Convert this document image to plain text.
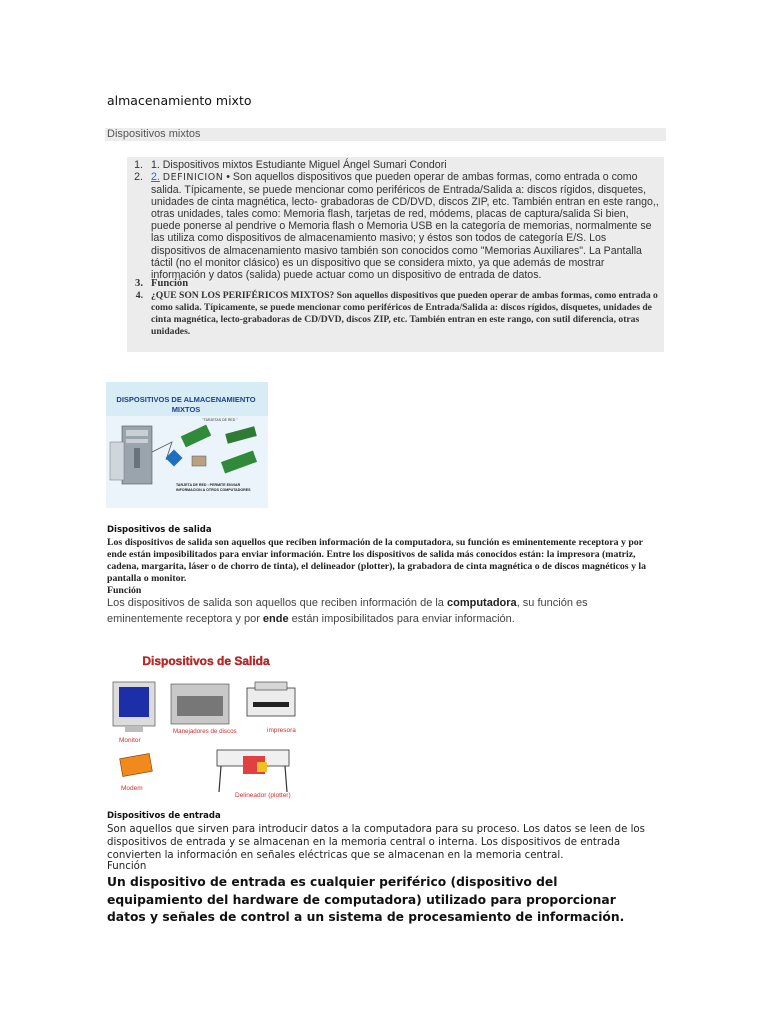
almacenamiento mixto
Dispositivos mixtos
1. 1. Dispositivos mixtos Estudiante Miguel Ángel Sumari Condori
2. 2. DEFINICION • Son aquellos dispositivos que pueden operar de ambas formas, como entrada o como salida. Típicamente, se puede mencionar como periféricos de Entrada/Salida a: discos rígidos, disquetes, unidades de cinta magnética, lecto- grabadoras de CD/DVD, discos ZIP, etc. También entran en este rango,, otras unidades, tales como: Memoria flash, tarjetas de red, módems, placas de captura/salida Si bien, puede ponerse al pendrive o Memoria flash o Memoria USB en la categoría de memorias, normalmente se las utiliza como dispositivos de almacenamiento masivo; y éstos son todos de categoría E/S. Los dispositivos de almacenamiento masivo también son conocidos como "Memorias Auxiliares". La Pantalla táctil (no el monitor clásico) es un dispositivo que se considera mixto, ya que además de mostrar información y datos (salida) puede actuar como un dispositivo de entrada de datos.
3. Función
4. ¿QUE SON LOS PERIFÉRICOS MIXTOS? Son aquellos dispositivos que pueden operar de ambas formas, como entrada o como salida. Típicamente, se puede mencionar como periféricos de Entrada/Salida a: discos rígidos, disquetes, unidades de cinta magnética, lecto-grabadoras de CD/DVD, discos ZIP, etc. También entran en este rango, con sutil diferencia, otras unidades.
DISPOSITIVOS DE ALMACENAMIENTO
MIXTOS
"TARJETAS DE RED "
TARJETA DE RED : PERMITE ENVIAR
INFORMACION A OTROS COMPUTADORES
Dispositivos de salida
Los dispositivos de salida son aquellos que reciben información de la computadora, su función es eminentemente receptora y por ende están imposibilitados para enviar información. Entre los dispositivos de salida más conocidos están: la impresora (matriz, cadena, margarita, láser o de chorro de tinta), el delineador (plotter), la grabadora de cinta magnética o de discos magnéticos y la pantalla o monitor.
Función
Los dispositivos de salida son aquellos que reciben información de la computadora, su función es eminentemente receptora y por ende están imposibilitados para enviar información.
Dispositivos de Salida
Monitor
Manejadores de discos	impresora
Modem
Delineador (plotter)
Dispositivos de entrada
Son aquellos que sirven para introducir datos a la computadora para su proceso. Los datos se leen de los dispositivos de entrada y se almacenan en la memoria central o interna. Los dispositivos de entrada convierten la información en señales eléctricas que se almacenan en la memoria central.
Función
Un dispositivo de entrada es cualquier periférico (dispositivo del equipamiento del hardware de computadora) utilizado para proporcionar datos y señales de control a un sistema de procesamiento de información.
